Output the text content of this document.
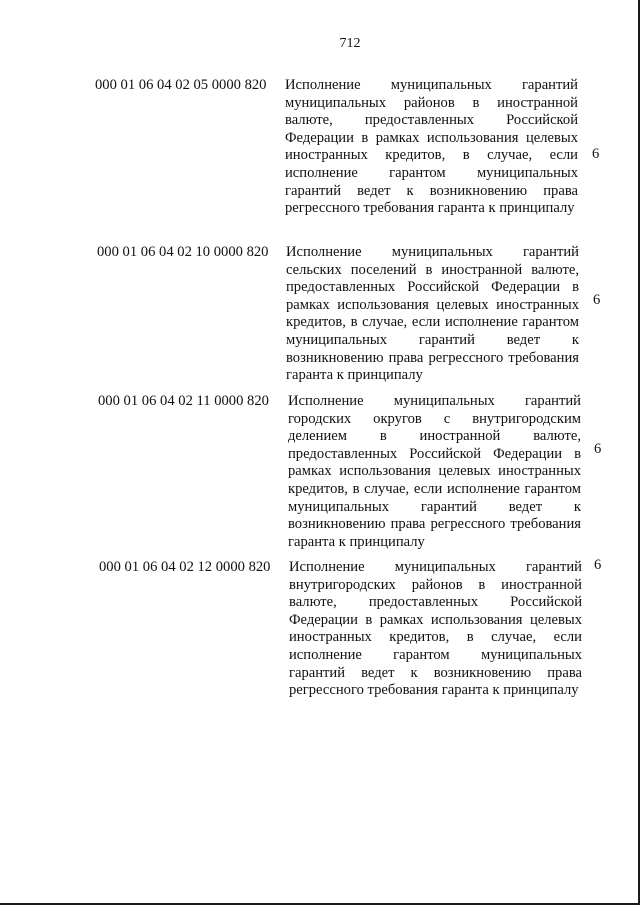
712
000 01 06 04 02 05 0000 820 Исполнение муниципальных гарантий муниципальных районов в иностранной валюте, предоставленных Российской Федерации в рамках использования целевых иностранных кредитов, в случае, если исполнение гарантом муниципальных гарантий ведет к возникновению права регрессного требования гаранта к принципалу
6
000 01 06 04 02 10 0000 820 Исполнение муниципальных гарантий сельских поселений в иностранной валюте, предоставленных Российской Федерации в рамках использования целевых иностранных кредитов, в случае, если исполнение гарантом муниципальных гарантий ведет к возникновению права регрессного требования гаранта к принципалу
6
000 01 06 04 02 11 0000 820 Исполнение муниципальных гарантий городских округов с внутригородским делением в иностранной валюте, предоставленных Российской Федерации в рамках использования целевых иностранных кредитов, в случае, если исполнение гарантом муниципальных гарантий ведет к возникновению права регрессного требования гаранта к принципалу
6
000 01 06 04 02 12 0000 820 Исполнение муниципальных гарантий внутригородских районов в иностранной валюте, предоставленных Российской Федерации в рамках использования целевых иностранных кредитов, в случае, если исполнение гарантом муниципальных гарантий ведет к возникновению права регрессного требования гаранта к принципалу
6
